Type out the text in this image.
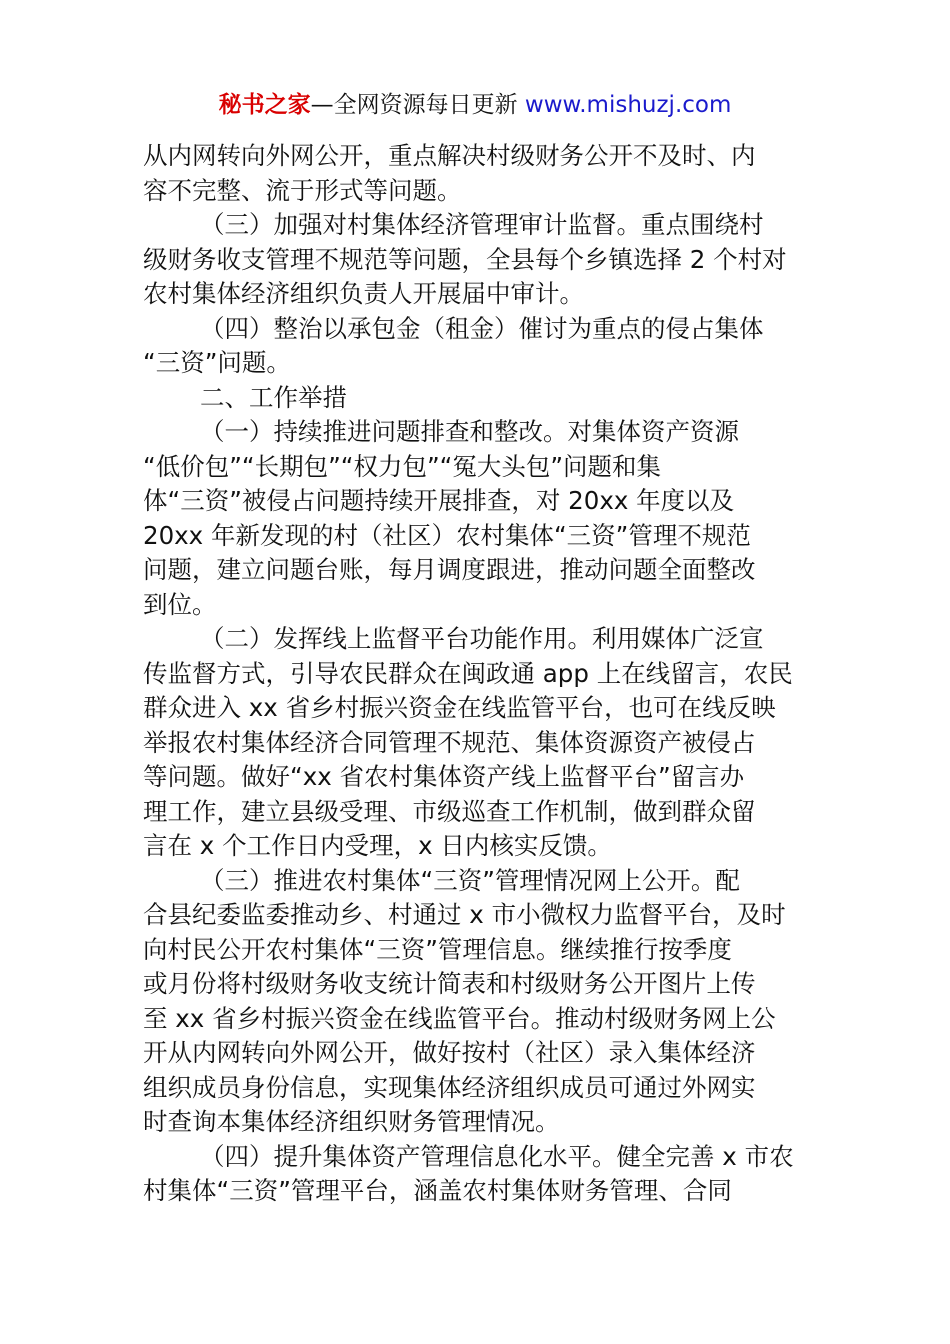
秘书之家—全网资源每日更新 www.mishuzj.com

从内网转向外网公开，重点解决村级财务公开不及时、内

容不完整、流于形式等问题。

（三）加强对村集体经济管理审计监督。重点围绕村

级财务收支管理不规范等问题，全县每个乡镇选择 2 个村对

农村集体经济组织负责人开展届中审计。

（四）整治以承包金（租金）催讨为重点的侵占集体

“三资”问题。

二、工作举措

（一）持续推进问题排查和整改。对集体资产资源

“低价包”“长期包”“权力包”“冤大头包”问题和集

体“三资”被侵占问题持续开展排查，对 20xx 年度以及

20xx 年新发现的村（社区）农村集体“三资”管理不规范

问题，建立问题台账，每月调度跟进，推动问题全面整改

到位。

（二）发挥线上监督平台功能作用。利用媒体广泛宣

传监督方式，引导农民群众在闽政通 app 上在线留言，农民

群众进入 xx 省乡村振兴资金在线监管平台，也可在线反映

举报农村集体经济合同管理不规范、集体资源资产被侵占

等问题。做好“xx 省农村集体资产线上监督平台”留言办

理工作，建立县级受理、市级巡查工作机制，做到群众留

言在 x 个工作日内受理，x 日内核实反馈。

（三）推进农村集体“三资”管理情况网上公开。配

合县纪委监委推动乡、村通过 x 市小微权力监督平台，及时

向村民公开农村集体“三资”管理信息。继续推行按季度

或月份将村级财务收支统计简表和村级财务公开图片上传

至 xx 省乡村振兴资金在线监管平台。推动村级财务网上公

开从内网转向外网公开，做好按村（社区）录入集体经济

组织成员身份信息，实现集体经济组织成员可通过外网实

时查询本集体经济组织财务管理情况。

（四）提升集体资产管理信息化水平。健全完善 x 市农

村集体“三资”管理平台，涵盖农村集体财务管理、合同
